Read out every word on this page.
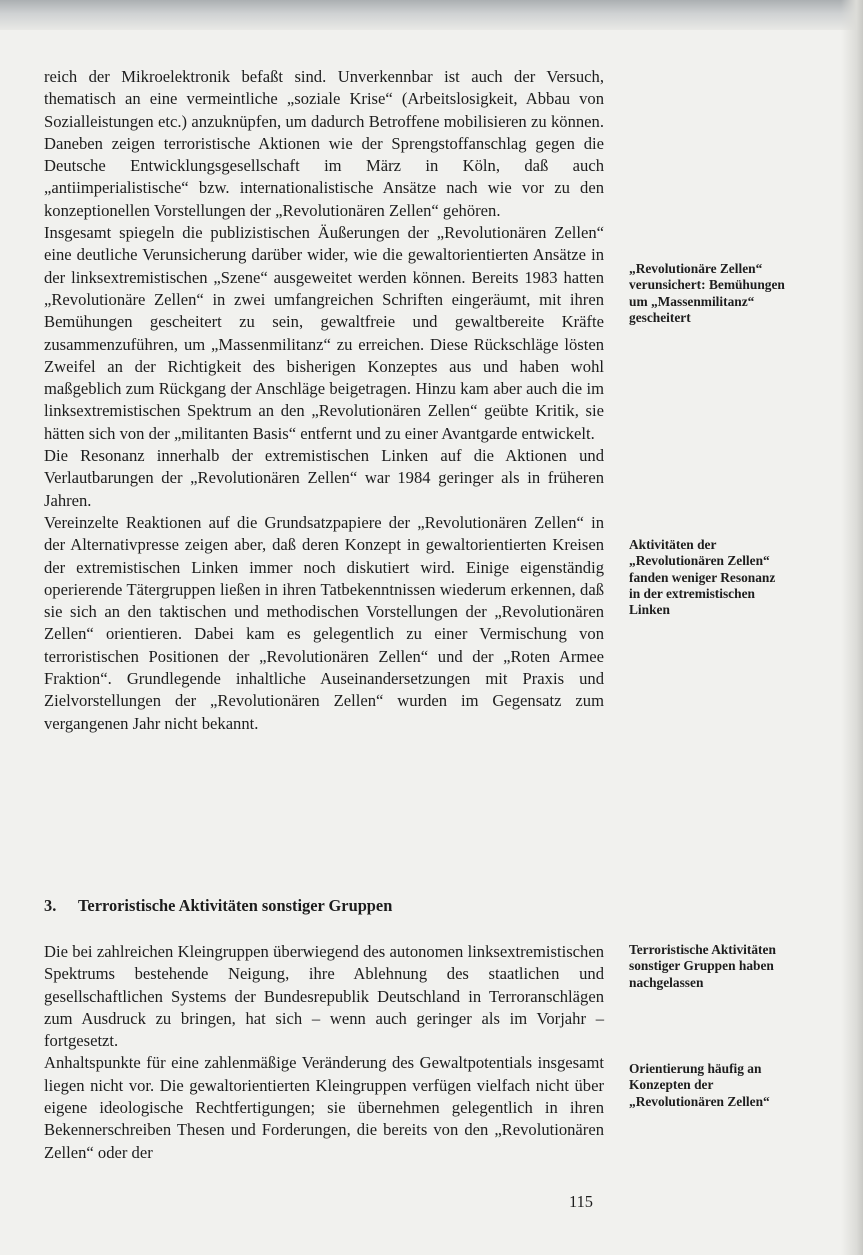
reich der Mikroelektronik befaßt sind. Unverkennbar ist auch der Versuch, thematisch an eine vermeintliche „soziale Krise“ (Arbeitslosigkeit, Abbau von Sozialleistungen etc.) anzuknüpfen, um dadurch Betroffene mobilisieren zu können. Daneben zeigen terroristische Aktionen wie der Sprengstoffanschlag gegen die Deutsche Entwicklungsgesellschaft im März in Köln, daß auch „antiimperialistische“ bzw. internationalistische Ansätze nach wie vor zu den konzeptionellen Vorstellungen der „Revolutionären Zellen“ gehören.

Insgesamt spiegeln die publizistischen Äußerungen der „Revolutionären Zellen“ eine deutliche Verunsicherung darüber wider, wie die gewaltorientierten Ansätze in der linksextremistischen „Szene“ ausgeweitet werden können. Bereits 1983 hatten „Revolutionäre Zellen“ in zwei umfangreichen Schriften eingeräumt, mit ihren Bemühungen gescheitert zu sein, gewaltfreie und gewaltbereite Kräfte zusammenzuführen, um „Massenmilitanz“ zu erreichen. Diese Rückschläge lösten Zweifel an der Richtigkeit des bisherigen Konzeptes aus und haben wohl maßgeblich zum Rückgang der Anschläge beigetragen. Hinzu kam aber auch die im linksextremistischen Spektrum an den „Revolutionären Zellen“ geübte Kritik, sie hätten sich von der „militanten Basis“ entfernt und zu einer Avantgarde entwickelt.

Die Resonanz innerhalb der extremistischen Linken auf die Aktionen und Verlautbarungen der „Revolutionären Zellen“ war 1984 geringer als in früheren Jahren.

Vereinzelte Reaktionen auf die Grundsatzpapiere der „Revolutionären Zellen“ in der Alternativpresse zeigen aber, daß deren Konzept in gewaltorientierten Kreisen der extremistischen Linken immer noch diskutiert wird. Einige eigenständig operierende Tätergruppen ließen in ihren Tatbekenntnissen wiederum erkennen, daß sie sich an den taktischen und methodischen Vorstellungen der „Revolutionären Zellen“ orientieren. Dabei kam es gelegentlich zu einer Vermischung von terroristischen Positionen der „Revolutionären Zellen“ und der „Roten Armee Fraktion“. Grundlegende inhaltliche Auseinandersetzungen mit Praxis und Zielvorstellungen der „Revolutionären Zellen“ wurden im Gegensatz zum vergangenen Jahr nicht bekannt.

3. Terroristische Aktivitäten sonstiger Gruppen

Die bei zahlreichen Kleingruppen überwiegend des autonomen linksextremistischen Spektrums bestehende Neigung, ihre Ablehnung des staatlichen und gesellschaftlichen Systems der Bundesrepublik Deutschland in Terroranschlägen zum Ausdruck zu bringen, hat sich – wenn auch geringer als im Vorjahr – fortgesetzt.

Anhaltspunkte für eine zahlenmäßige Veränderung des Gewaltpotentials insgesamt liegen nicht vor. Die gewaltorientierten Kleingruppen verfügen vielfach nicht über eigene ideologische Rechtfertigungen; sie übernehmen gelegentlich in ihren Bekennerschreiben Thesen und Forderungen, die bereits von den „Revolutionären Zellen“ oder der

„Revolutionäre Zellen“ verunsichert: Bemühungen um „Massenmilitanz“ gescheitert

Aktivitäten der „Revolutionären Zellen“ fanden weniger Resonanz in der extremistischen Linken

Terroristische Aktivitäten sonstiger Gruppen haben nachgelassen

Orientierung häufig an Konzepten der „Revolutionären Zellen“

115
